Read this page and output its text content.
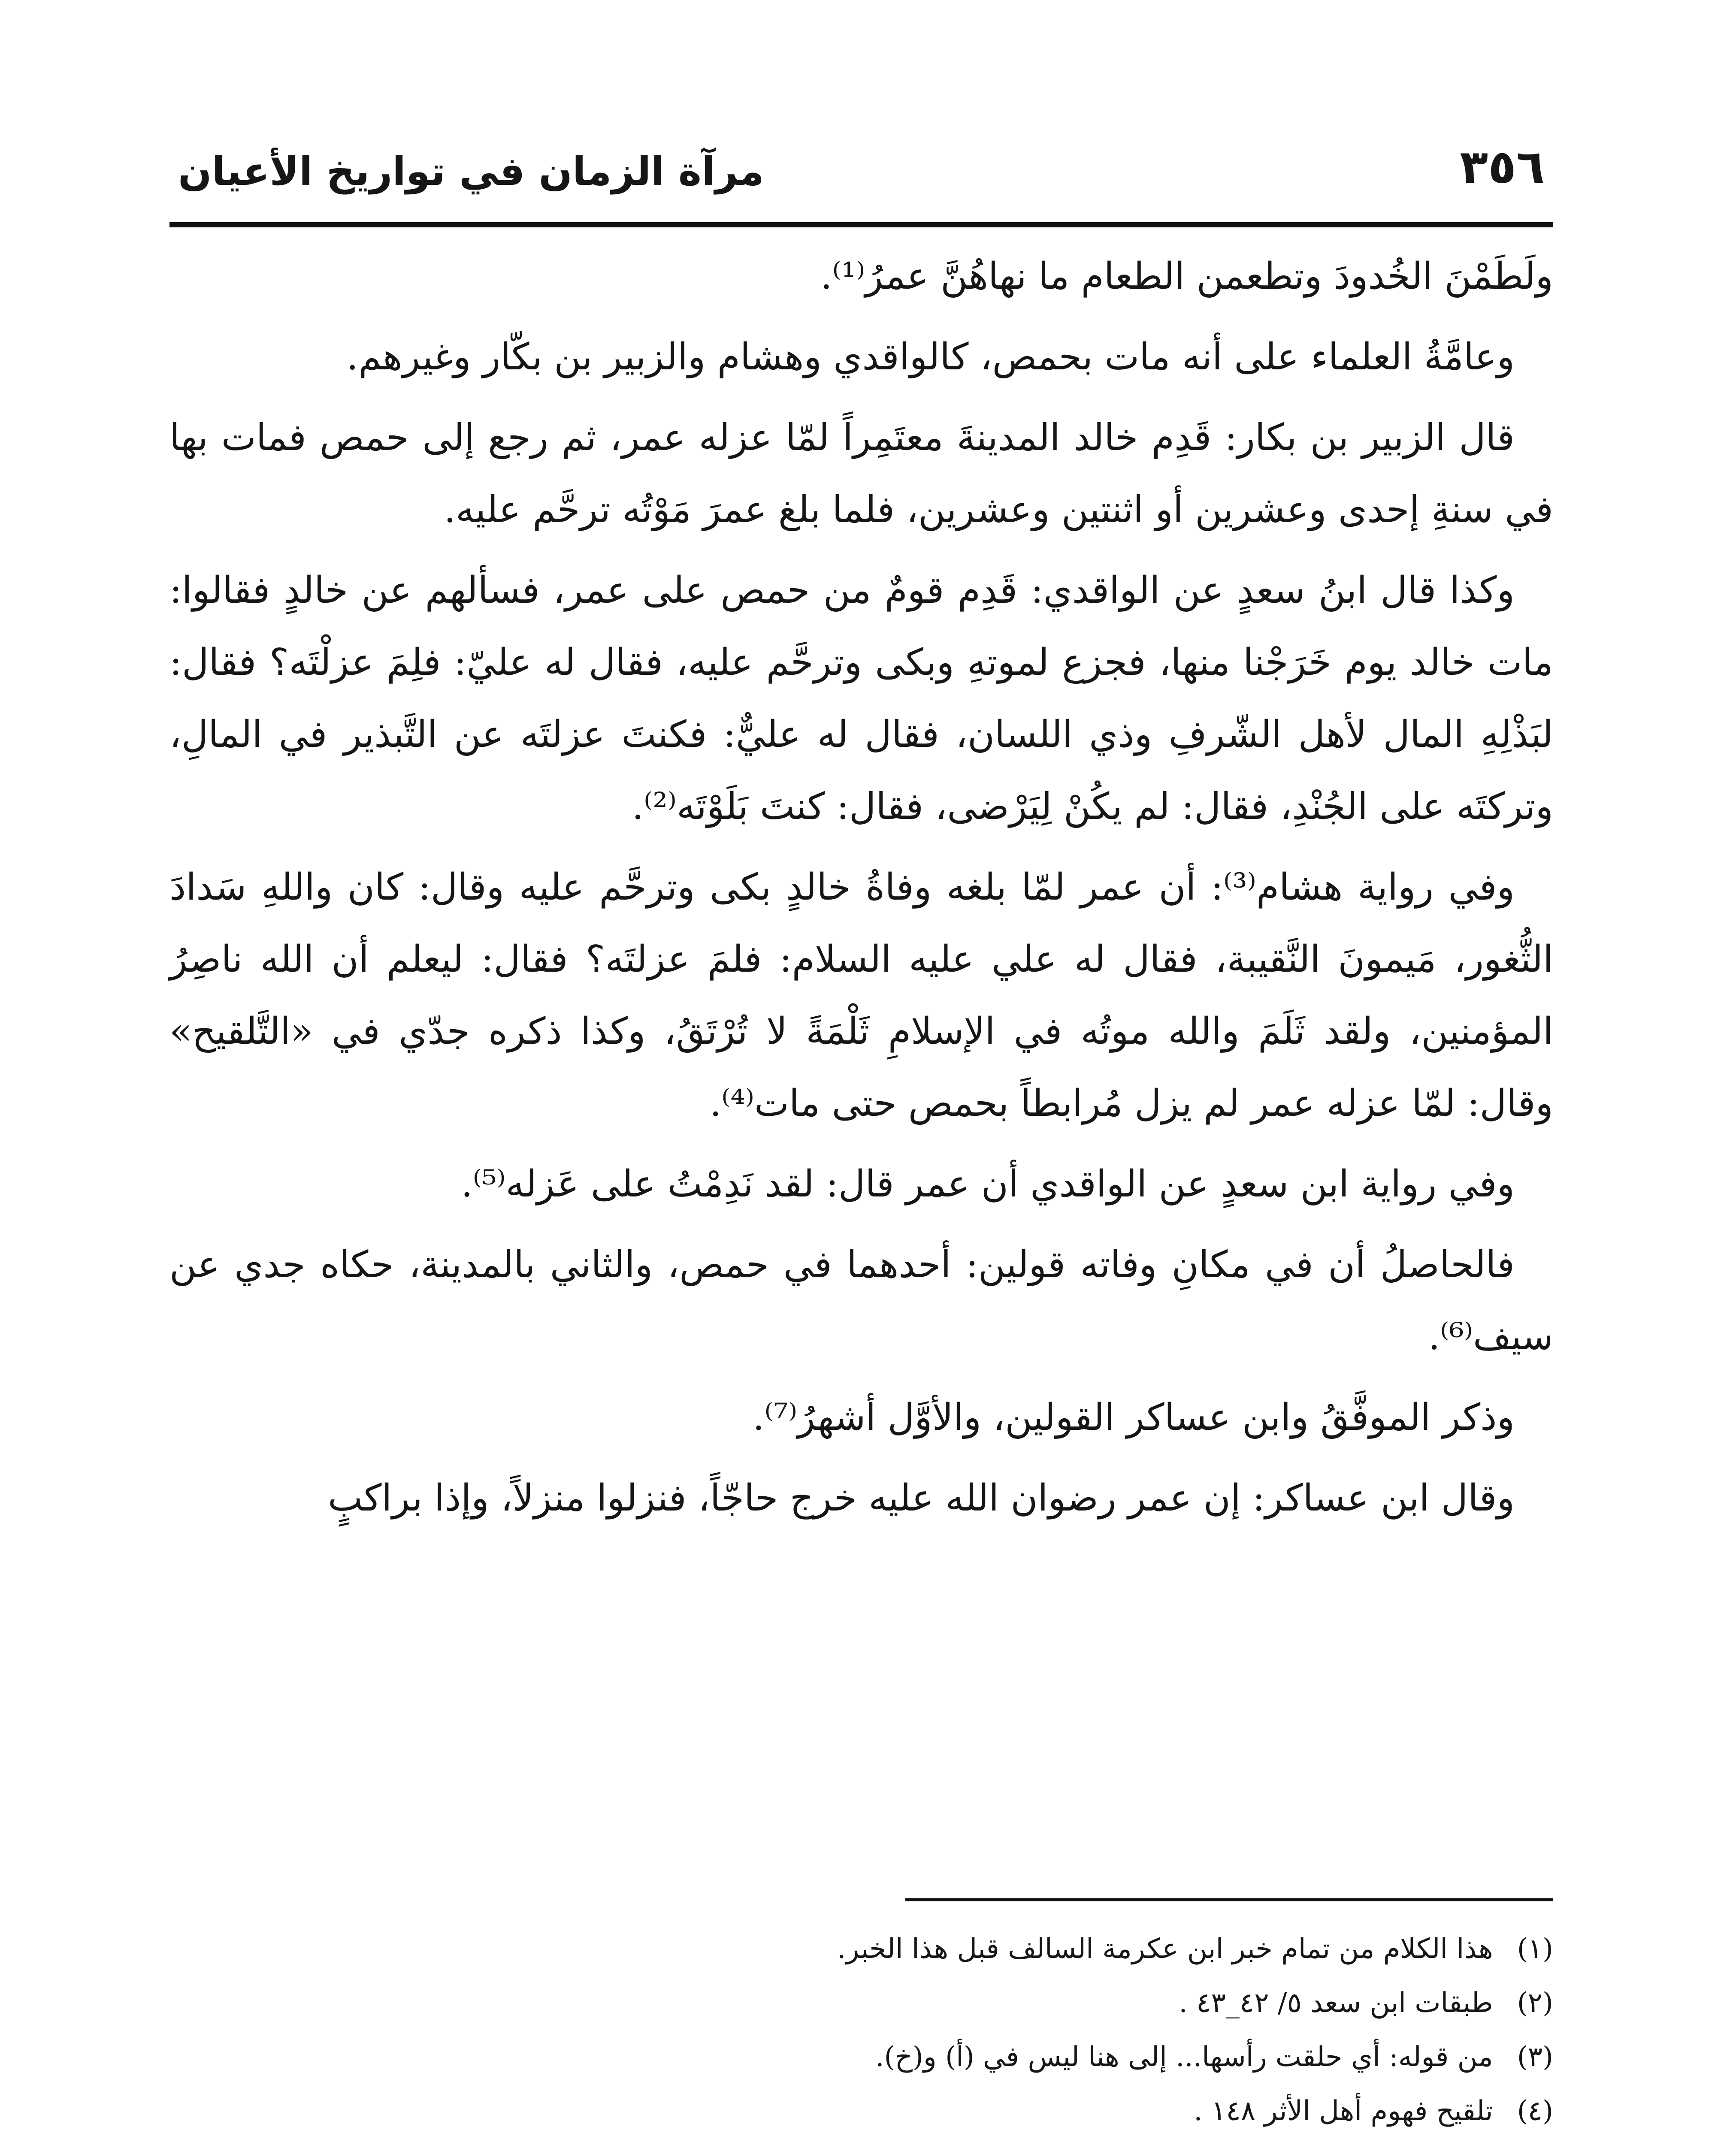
٣٥٦
مرآة الزمان في تواريخ الأعيان

ولَطَمْنَ الخُدودَ وتطعمن الطعام ما نهاهُنَّ عمرُ⁽¹⁾.

وعامَّةُ العلماء على أنه مات بحمص، كالواقدي وهشام والزبير بن بكّار وغيرهم.

قال الزبير بن بكار: قَدِم خالد المدينةَ معتَمِراً لمّا عزله عمر، ثم رجع إلى حمص فمات بها في سنةِ إحدى وعشرين أو اثنتين وعشرين، فلما بلغ عمرَ مَوْتُه ترحَّم عليه.

وكذا قال ابنُ سعدٍ عن الواقدي: قَدِم قومٌ من حمص على عمر، فسألهم عن خالدٍ فقالوا: مات خالد يوم خَرَجْنا منها، فجزع لموتهِ وبكى وترحَّم عليه، فقال له عليّ: فلِمَ عزلْتَه؟ فقال: لبَذْلِهِ المال لأهل الشّرفِ وذي اللسان، فقال له عليٌّ: فكنتَ عزلتَه عن التَّبذير في المالِ، وتركتَه على الجُنْدِ، فقال: لم يكُنْ لِيَرْضى، فقال: كنتَ بَلَوْتَه⁽²⁾.

وفي رواية هشام⁽³⁾: أن عمر لمّا بلغه وفاةُ خالدٍ بكى وترحَّم عليه وقال: كان واللهِ سَدادَ الثُّغور، مَيمونَ النَّقيبة، فقال له علي عليه السلام: فلمَ عزلتَه؟ فقال: ليعلم أن الله ناصِرُ المؤمنين، ولقد ثَلَمَ والله موتُه في الإسلامِ ثَلْمَةً لا تُرْتَقُ، وكذا ذكره جدّي في «التَّلقيح» وقال: لمّا عزله عمر لم يزل مُرابطاً بحمص حتى مات⁽⁴⁾.

وفي رواية ابن سعدٍ عن الواقدي أن عمر قال: لقد نَدِمْتُ على عَزله⁽⁵⁾.

فالحاصلُ أن في مكانِ وفاته قولين: أحدهما في حمص، والثاني بالمدينة، حكاه جدي عن سيف⁽⁶⁾.

وذكر الموفَّقُ وابن عساكر القولين، والأوَّل أشهرُ⁽⁷⁾.

وقال ابن عساكر: إن عمر رضوان الله عليه خرج حاجّاً، فنزلوا منزلاً، وإذا براكبٍ

(١) هذا الكلام من تمام خبر ابن عكرمة السالف قبل هذا الخبر.

(٢) طبقات ابن سعد ٥/ ٤٢_٤٣ .

(٣) من قوله: أي حلقت رأسها... إلى هنا ليس في (أ) و(خ).

(٤) تلقيح فهوم أهل الأثر ١٤٨ .
